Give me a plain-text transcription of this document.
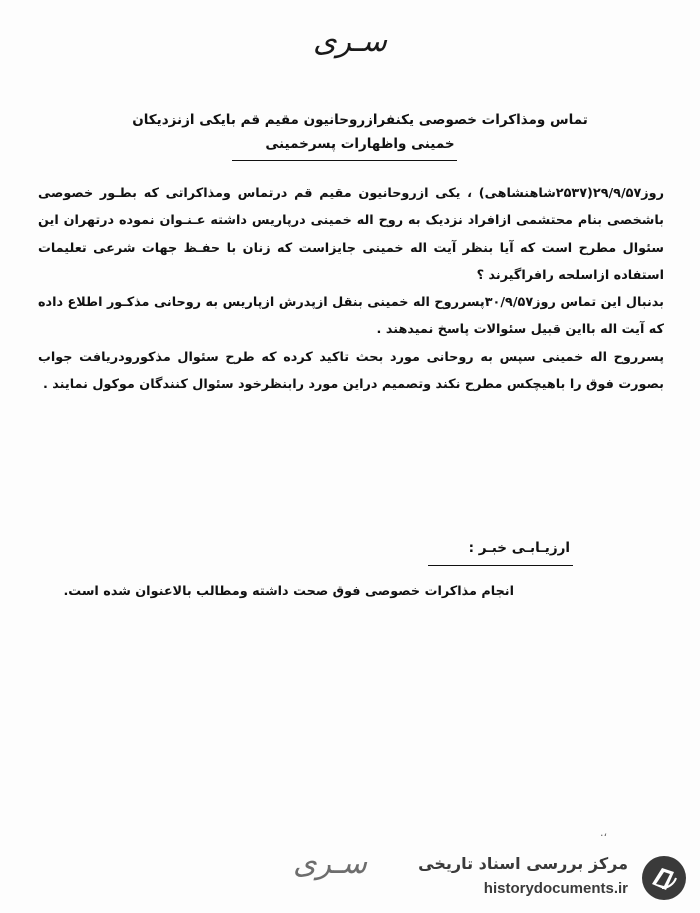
سـری
تماس ومذاکرات خصوصی یکنفرازروحانیون مقیم قم بایکی ازنزدیکان
خمینی واظهارات پسرخمینی

روز۲۹/۹/۵۷(۲۵۳۷شاهنشاهی) ، یکی ازروحانیون مقیم قم درتماس ومذاکراتی که بطـور خصوصی باشخصی بنام محتشمی ازافراد نزدیک به روح اله خمینی درپاریس داشته عـنـوان نموده درتهران این سئوال مطرح است که آیا بنظر آیت اله خمینی جایزاست که زنان با حفـظ جهات شرعی تعلیمات استفاده ازاسلحه رافراگیرند ؟

بدنبال این تماس روز۳۰/۹/۵۷پسرروح اله خمینی بنقل ازپدرش ازپاریس به روحانی مذکـور اطلاع داده که آیت اله بااین قبیل سئوالات پاسخ نمیدهند .

پسرروح اله خمینی سپس به روحانی مورد بحث تاکید کرده که طرح سئوال مذکورودریافت جواب بصورت فوق را باهیچکس مطرح نکند وتصمیم دراین مورد رابنظرخود سئوال کنندگان موکول نمایند .

ارزیـابـی خبـر :
انجام مذاکرات خصوصی فوق صحت داشته ومطالب بالاعنوان شده است.
.،
سـری	مرکز بررسی اسناد تاریخی
historydocuments.ir
